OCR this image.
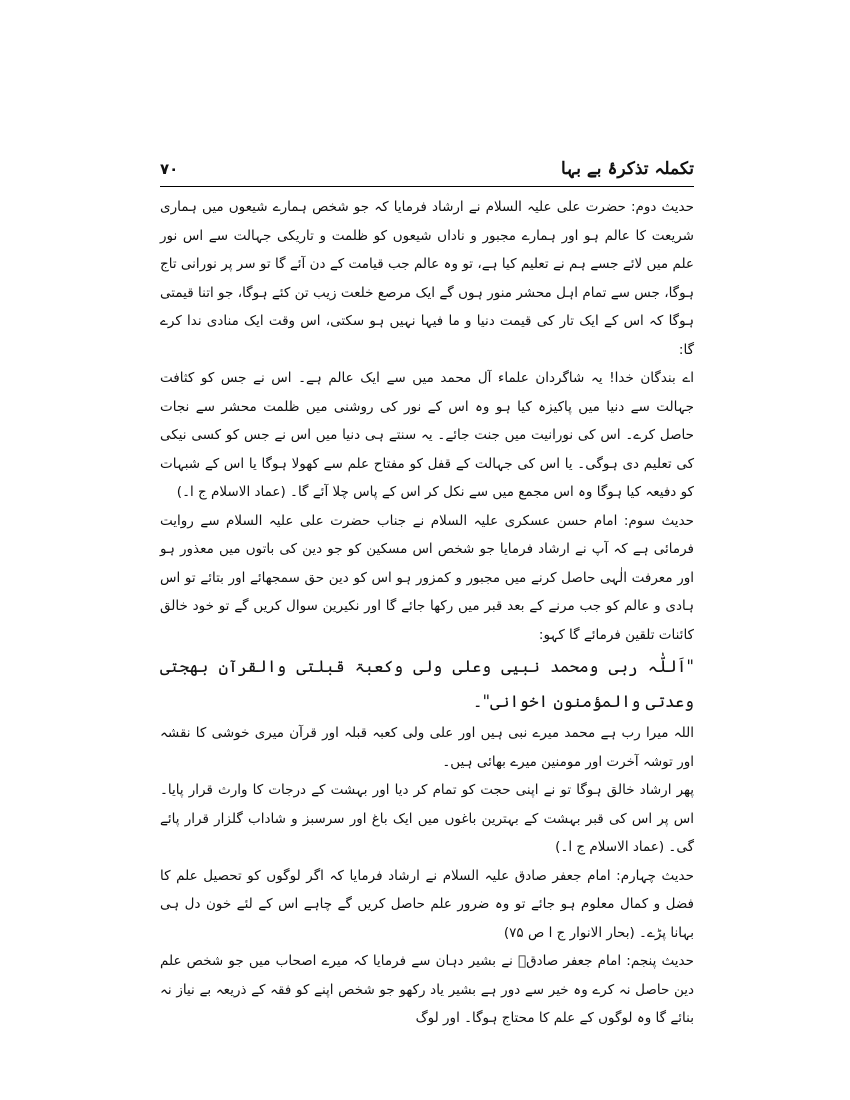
تکملہ تذکرۂ بے بہا
۷۰

حدیث دوم: حضرت علی علیہ السلام نے ارشاد فرمایا کہ جو شخص ہمارے شیعوں میں ہماری شریعت کا عالم ہو اور ہمارے مجبور و ناداں شیعوں کو ظلمت و تاریکی جہالت سے اس نور علم میں لائے جسے ہم نے تعلیم کیا ہے، تو وہ عالم جب قیامت کے دن آئے گا تو سر پر نورانی تاج ہوگا، جس سے تمام اہل محشر منور ہوں گے ایک مرصع خلعت زیب تن کئے ہوگا، جو اتنا قیمتی ہوگا کہ اس کے ایک تار کی قیمت دنیا و ما فیہا نہیں ہو سکتی، اس وقت ایک منادی ندا کرے گا:

اے بندگان خدا! یہ شاگردان علماء آل محمد میں سے ایک عالم ہے۔ اس نے جس کو کثافت جہالت سے دنیا میں پاکیزہ کیا ہو وہ اس کے نور کی روشنی میں ظلمت محشر سے نجات حاصل کرے۔ اس کی نورانیت میں جنت جائے۔ یہ سنتے ہی دنیا میں اس نے جس کو کسی نیکی کی تعلیم دی ہوگی۔ یا اس کی جہالت کے قفل کو مفتاح علم سے کھولا ہوگا یا اس کے شبہات کو دفیعہ کیا ہوگا وہ اس مجمع میں سے نکل کر اس کے پاس چلا آئے گا۔ (عماد الاسلام ج ا۔)

حدیث سوم: امام حسن عسکری علیہ السلام نے جناب حضرت علی علیہ السلام سے روایت فرمائی ہے کہ آپ نے ارشاد فرمایا جو شخص اس مسکین کو جو دین کی باتوں میں معذور ہو اور معرفت الٰہی حاصل کرنے میں مجبور و کمزور ہو اس کو دین حق سمجھائے اور بتائے تو اس ہادی و عالم کو جب مرنے کے بعد قبر میں رکھا جائے گا اور نکیرین سوال کریں گے تو خود خالق کائنات تلقین فرمائے گا کہو:

"اَللّٰہ ربی ومحمد نبیی وعلی ولی وکعبۃ قبلتی والقرآن بھجتی وعدتی والمؤمنون اخوانی"۔

اللہ میرا رب ہے محمد میرے نبی ہیں اور علی ولی کعبہ قبلہ اور قرآن میری خوشی کا نقشہ اور توشہ آخرت اور مومنین میرے بھائی ہیں۔

پھر ارشاد خالق ہوگا تو نے اپنی حجت کو تمام کر دیا اور بہشت کے درجات کا وارث قرار پایا۔ اس پر اس کی قبر بہشت کے بہترین باغوں میں ایک باغ اور سرسبز و شاداب گلزار قرار پائے گی۔ (عماد الاسلام ج ا۔)

حدیث چہارم: امام جعفر صادق علیہ السلام نے ارشاد فرمایا کہ اگر لوگوں کو تحصیل علم کا فضل و کمال معلوم ہو جائے تو وہ ضرور علم حاصل کریں گے چاہے اس کے لئے خون دل ہی بہانا پڑے۔ (بحار الانوار ج ا ص ۷۵)

حدیث پنجم: امام جعفر صادقؑ نے بشیر دہان سے فرمایا کہ میرے اصحاب میں جو شخص علم دین حاصل نہ کرے وہ خیر سے دور ہے بشیر یاد رکھو جو شخص اپنے کو فقہ کے ذریعہ بے نیاز نہ بنائے گا وہ لوگوں کے علم کا محتاج ہوگا۔ اور لوگ
